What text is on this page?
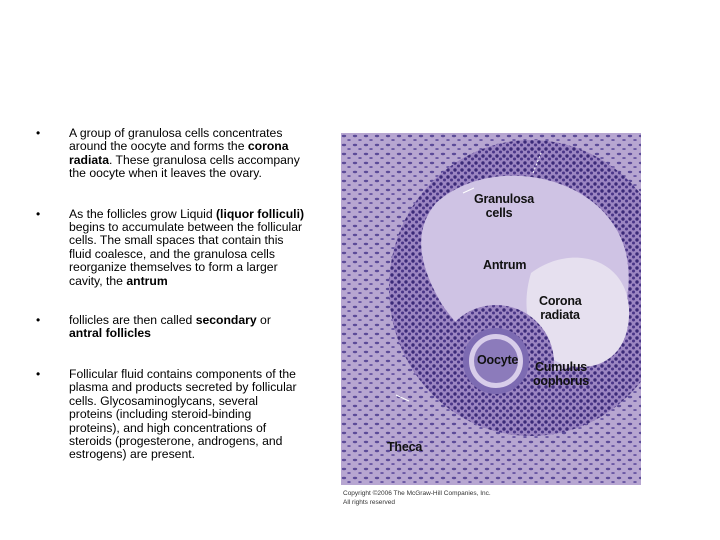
• A group of granulosa cells concentrates around the oocyte and forms the corona radiata. These granulosa cells accompany the oocyte when it leaves the ovary.
• As the follicles grow Liquid (liquor folliculi) begins to accumulate between the follicular cells. The small spaces that contain this fluid coalesce, and the granulosa cells reorganize themselves to form a larger cavity, the antrum
• follicles are then called secondary or antral follicles
• Follicular fluid contains components of the plasma and products secreted by follicular cells. Glycosaminoglycans, several proteins (including steroid-binding proteins), and high concentrations of steroids (progesterone, androgens, and estrogens) are present.
Granulosa cells
Antrum
Corona radiata
Oocyte Cumulus oophorus
Theca
Copyright ©2006 The McGraw-Hill Companies, Inc.
All rights reserved
